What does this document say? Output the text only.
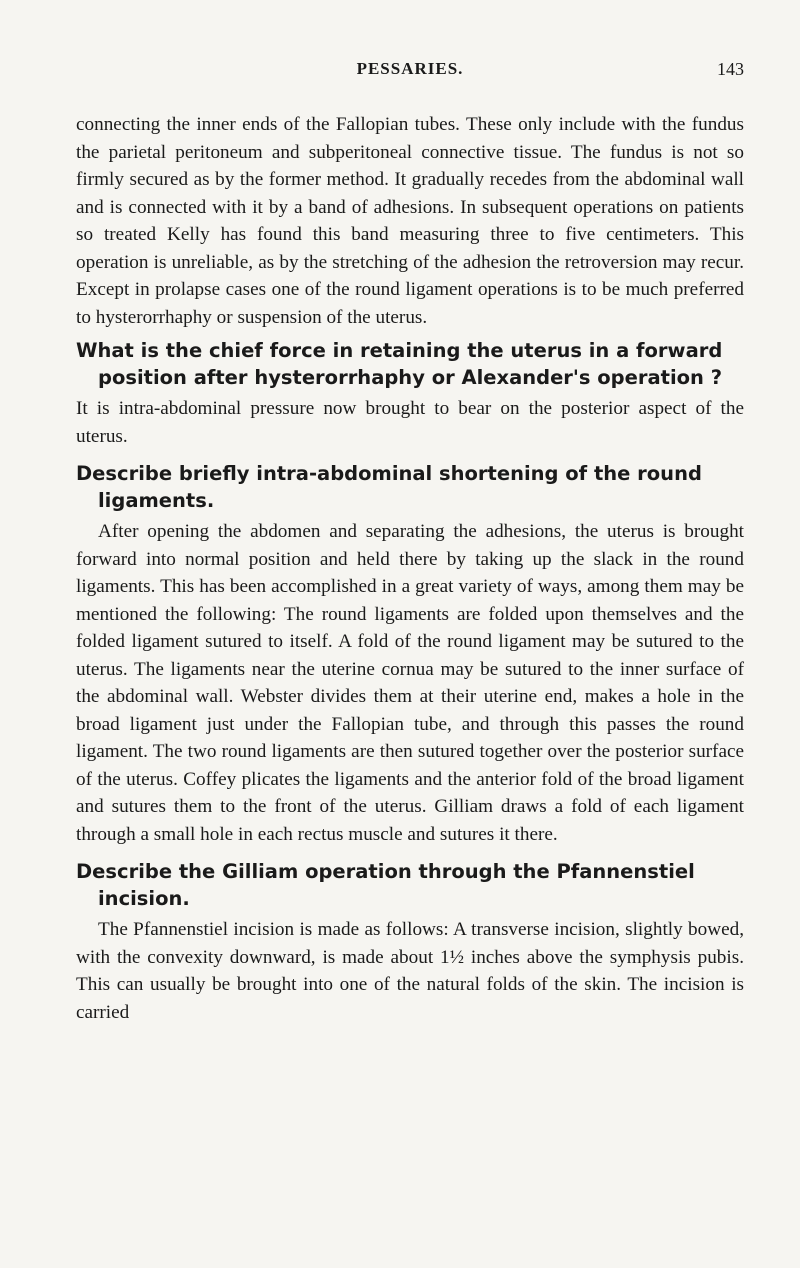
PESSARIES.	143

connecting the inner ends of the Fallopian tubes. These only include with the fundus the parietal peritoneum and subperitoneal connective tissue. The fundus is not so firmly secured as by the former method. It gradually recedes from the abdominal wall and is connected with it by a band of adhesions. In subsequent operations on patients so treated Kelly has found this band measuring three to five centimeters. This operation is unreliable, as by the stretching of the adhesion the retroversion may recur. Except in prolapse cases one of the round ligament operations is to be much preferred to hysterorrhaphy or suspension of the uterus.

What is the chief force in retaining the uterus in a forward position after hysterorrhaphy or Alexander's operation ?

It is intra-abdominal pressure now brought to bear on the posterior aspect of the uterus.

Describe briefly intra-abdominal shortening of the round ligaments.

After opening the abdomen and separating the adhesions, the uterus is brought forward into normal position and held there by taking up the slack in the round ligaments. This has been accomplished in a great variety of ways, among them may be mentioned the following: The round ligaments are folded upon themselves and the folded ligament sutured to itself. A fold of the round ligament may be sutured to the uterus. The ligaments near the uterine cornua may be sutured to the inner surface of the abdominal wall. Webster divides them at their uterine end, makes a hole in the broad ligament just under the Fallopian tube, and through this passes the round ligament. The two round ligaments are then sutured together over the posterior surface of the uterus. Coffey plicates the ligaments and the anterior fold of the broad ligament and sutures them to the front of the uterus. Gilliam draws a fold of each ligament through a small hole in each rectus muscle and sutures it there.

Describe the Gilliam operation through the Pfannenstiel incision.

The Pfannenstiel incision is made as follows: A transverse incision, slightly bowed, with the convexity downward, is made about 1½ inches above the symphysis pubis. This can usually be brought into one of the natural folds of the skin. The incision is carried
